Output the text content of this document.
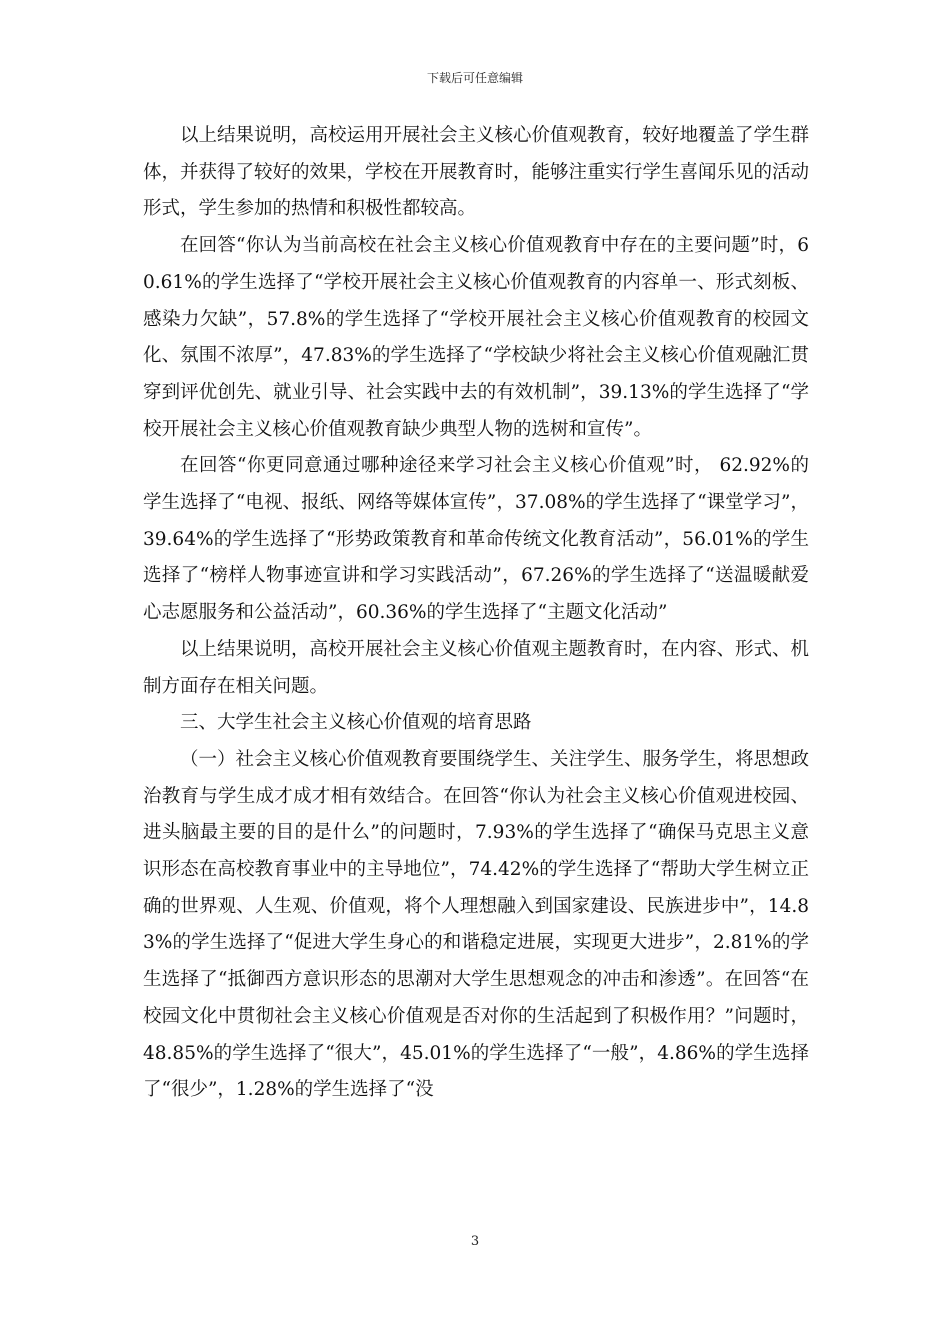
下载后可任意编辑

以上结果说明，高校运用开展社会主义核心价值观教育，较好地覆盖了学生群体，并获得了较好的效果，学校在开展教育时，能够注重实行学生喜闻乐见的活动形式，学生参加的热情和积极性都较高。

在回答“你认为当前高校在社会主义核心价值观教育中存在的主要问题”时，60.61%的学生选择了“学校开展社会主义核心价值观教育的内容单一、形式刻板、感染力欠缺”，57.8%的学生选择了“学校开展社会主义核心价值观教育的校园文化、氛围不浓厚”，47.83%的学生选择了“学校缺少将社会主义核心价值观融汇贯穿到评优创先、就业引导、社会实践中去的有效机制”，39.13%的学生选择了“学校开展社会主义核心价值观教育缺少典型人物的选树和宣传”。

在回答“你更同意通过哪种途径来学习社会主义核心价值观”时， 62.92%的学生选择了“电视、报纸、网络等媒体宣传”，37.08%的学生选择了“课堂学习”，39.64%的学生选择了“形势政策教育和革命传统文化教育活动”，56.01%的学生选择了“榜样人物事迹宣讲和学习实践活动”，67.26%的学生选择了“送温暖献爱心志愿服务和公益活动”，60.36%的学生选择了“主题文化活动”

以上结果说明，高校开展社会主义核心价值观主题教育时，在内容、形式、机制方面存在相关问题。

三、大学生社会主义核心价值观的培育思路

（一）社会主义核心价值观教育要围绕学生、关注学生、服务学生，将思想政治教育与学生成才成才相有效结合。在回答“你认为社会主义核心价值观进校园、进头脑最主要的目的是什么”的问题时，7.93%的学生选择了“确保马克思主义意识形态在高校教育事业中的主导地位”，74.42%的学生选择了“帮助大学生树立正确的世界观、人生观、价值观，将个人理想融入到国家建设、民族进步中”，14.83%的学生选择了“促进大学生身心的和谐稳定进展，实现更大进步”，2.81%的学生选择了“抵御西方意识形态的思潮对大学生思想观念的冲击和渗透”。在回答“在校园文化中贯彻社会主义核心价值观是否对你的生活起到了积极作用？”问题时，48.85%的学生选择了“很大”，45.01%的学生选择了“一般”，4.86%的学生选择了“很少”，1.28%的学生选择了“没

3
